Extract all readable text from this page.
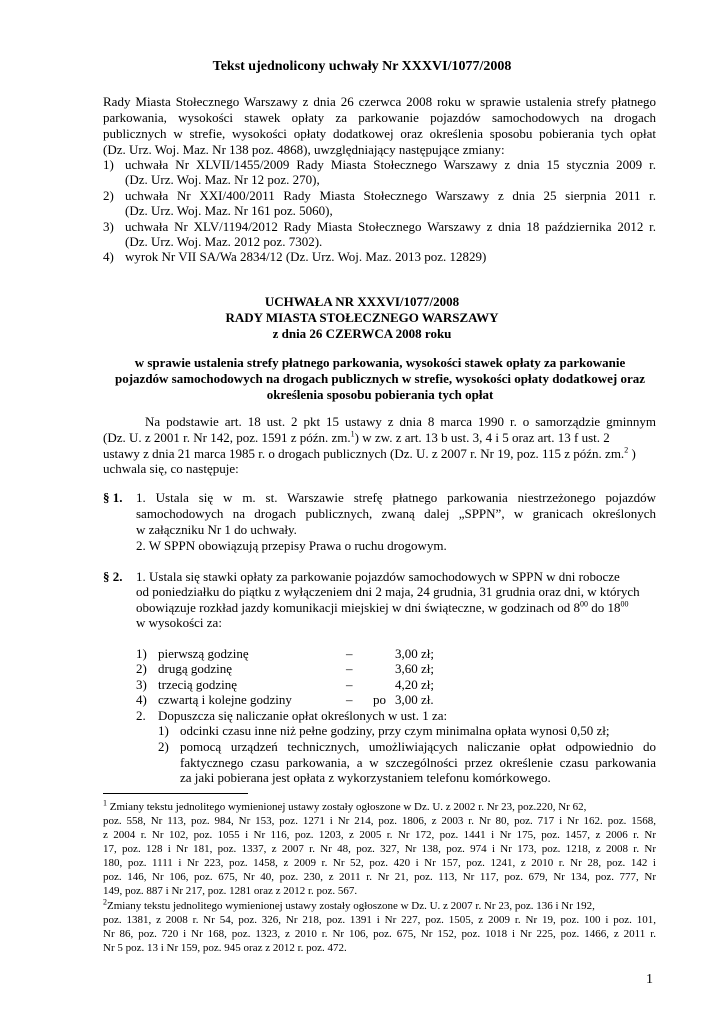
Tekst ujednolicony uchwały Nr XXXVI/1077/2008
Rady Miasta Stołecznego Warszawy z dnia 26 czerwca 2008 roku w sprawie ustalenia strefy płatnego
parkowania, wysokości stawek opłaty za parkowanie pojazdów samochodowych na drogach
publicznych w strefie, wysokości opłaty dodatkowej oraz określenia sposobu pobierania tych opłat
(Dz. Urz. Woj. Maz. Nr 138 poz. 4868), uwzględniający następujące zmiany:
1) uchwała Nr XLVII/1455/2009 Rady Miasta Stołecznego Warszawy z dnia 15 stycznia 2009 r.
(Dz. Urz. Woj. Maz. Nr 12 poz. 270),
2) uchwała Nr XXI/400/2011 Rady Miasta Stołecznego Warszawy z dnia 25 sierpnia 2011 r.
(Dz. Urz. Woj. Maz. Nr 161 poz. 5060),
3) uchwała Nr XLV/1194/2012 Rady Miasta Stołecznego Warszawy z dnia 18 października 2012 r.
(Dz. Urz. Woj. Maz. 2012 poz. 7302).
4) wyrok Nr VII SA/Wa 2834/12 (Dz. Urz. Woj. Maz. 2013 poz. 12829)
UCHWAŁA NR XXXVI/1077/2008
RADY MIASTA STOŁECZNEGO WARSZAWY
z dnia 26 CZERWCA 2008 roku
w sprawie ustalenia strefy płatnego parkowania, wysokości stawek opłaty za parkowanie
pojazdów samochodowych na drogach publicznych w strefie, wysokości opłaty dodatkowej oraz
określenia sposobu pobierania tych opłat
Na podstawie art. 18 ust. 2 pkt 15 ustawy z dnia 8 marca 1990 r. o samorządzie gminnym
(Dz. U. z 2001 r. Nr 142, poz. 1591 z późn. zm.$^1$) w zw. z art. 13 b ust. 3, 4 i 5 oraz art. 13 f ust. 2
ustawy z dnia 21 marca 1985 r. o drogach publicznych (Dz. U. z 2007 r. Nr 19, poz. 115 z późn. zm.$^2$ )
uchwala się, co następuje:
§ 1. 1. Ustala się w m. st. Warszawie strefę płatnego parkowania niestrzeżonego pojazdów
samochodowych na drogach publicznych, zwaną dalej „SPPN”, w granicach określonych
w załączniku Nr 1 do uchwały.
2. W SPPN obowiązują przepisy Prawa o ruchu drogowym.
§ 2. 1. Ustala się stawki opłaty za parkowanie pojazdów samochodowych w SPPN w dni robocze
od poniedziałku do piątku z wyłączeniem dni 2 maja, 24 grudnia, 31 grudnia oraz dni, w których
obowiązuje rozkład jazdy komunikacji miejskiej w dni świąteczne, w godzinach od $8^{00}$ do $18^{00}$
w wysokości za:
1) pierwszą godzinę	–	3,00 zł;
2) drugą godzinę	–	3,60 zł;
3) trzecią godzinę	–	4,20 zł;
4) czwartą i kolejne godziny	– po 3,00 zł.
2. Dopuszcza się naliczanie opłat określonych w ust. 1 za:
1) odcinki czasu inne niż pełne godziny, przy czym minimalna opłata wynosi 0,50 zł;
2) pomocą urządzeń technicznych, umożliwiających naliczanie opłat odpowiednio do
faktycznego czasu parkowania, a w szczególności przez określenie czasu parkowania
za jaki pobierana jest opłata z wykorzystaniem telefonu komórkowego.
$^1$ Zmiany tekstu jednolitego wymienionej ustawy zostały ogłoszone w Dz. U. z 2002 r. Nr 23, poz.220, Nr 62,
poz. 558, Nr 113, poz. 984, Nr 153, poz. 1271 i Nr 214, poz. 1806, z 2003 r. Nr 80, poz. 717 i Nr 162. poz. 1568,
z 2004 r. Nr 102, poz. 1055 i Nr 116, poz. 1203, z 2005 r. Nr 172, poz. 1441 i Nr 175, poz. 1457, z 2006 r. Nr
17, poz. 128 i Nr 181, poz. 1337, z 2007 r. Nr 48, poz. 327, Nr 138, poz. 974 i Nr 173, poz. 1218, z 2008 r. Nr
180, poz. 1111 i Nr 223, poz. 1458, z 2009 r. Nr 52, poz. 420 i Nr 157, poz. 1241, z 2010 r. Nr 28, poz. 142 i
poz. 146, Nr 106, poz. 675, Nr 40, poz. 230, z 2011 r. Nr 21, poz. 113, Nr 117, poz. 679, Nr 134, poz. 777, Nr
149, poz. 887 i Nr 217, poz. 1281 oraz z 2012 r. poz. 567.
$^2$Zmiany tekstu jednolitego wymienionej ustawy zostały ogłoszone w Dz. U. z 2007 r. Nr 23, poz. 136 i Nr 192,
poz. 1381, z 2008 r. Nr 54, poz. 326, Nr 218, poz. 1391 i Nr 227, poz. 1505, z 2009 r. Nr 19, poz. 100 i poz. 101,
Nr 86, poz. 720 i Nr 168, poz. 1323, z 2010 r. Nr 106, poz. 675, Nr 152, poz. 1018 i Nr 225, poz. 1466, z 2011 r.
Nr 5 poz. 13 i Nr 159, poz. 945 oraz z 2012 r. poz. 472.
1
